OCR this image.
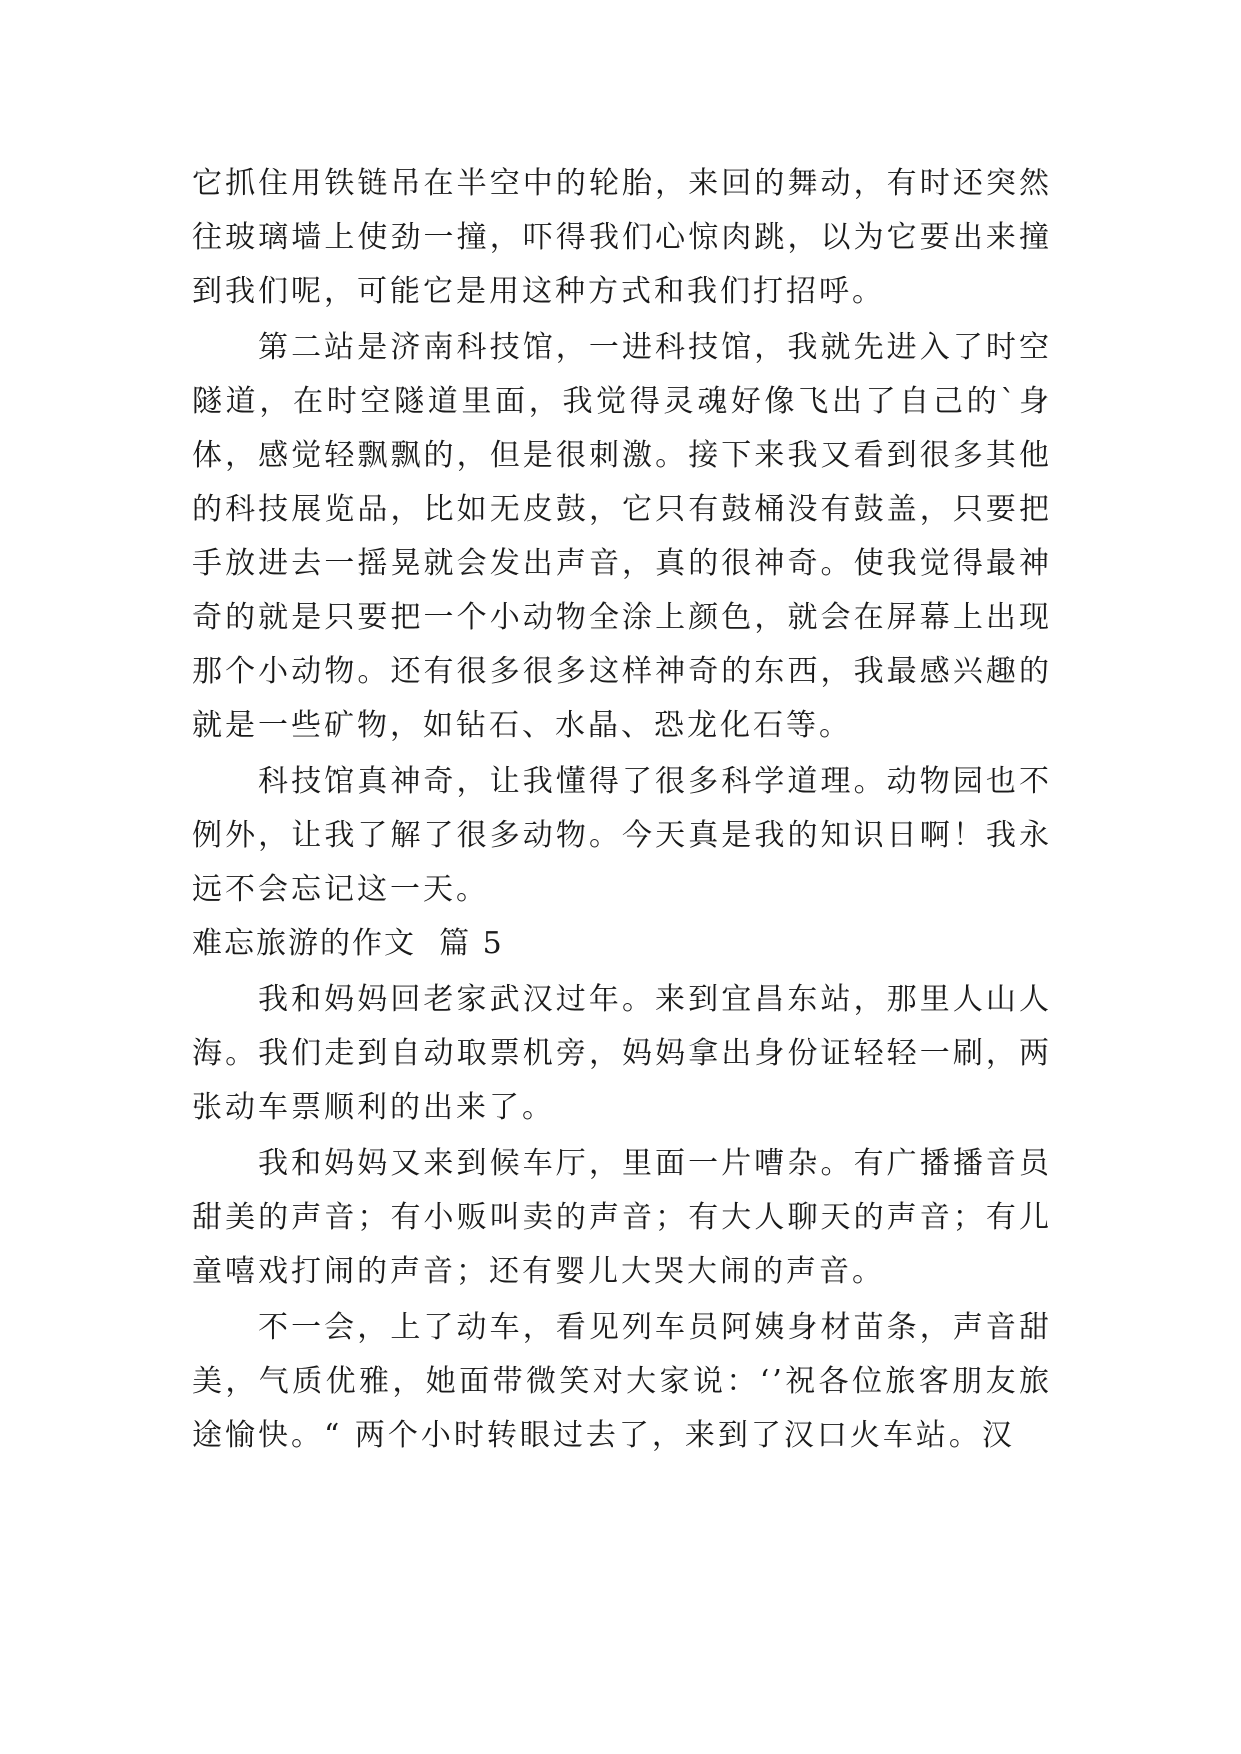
它抓住用铁链吊在半空中的轮胎，来回的舞动，有时还突然往玻璃墙上使劲一撞，吓得我们心惊肉跳，以为它要出来撞到我们呢，可能它是用这种方式和我们打招呼。

第二站是济南科技馆，一进科技馆，我就先进入了时空隧道，在时空隧道里面，我觉得灵魂好像飞出了自己的`身体，感觉轻飘飘的，但是很刺激。接下来我又看到很多其他的科技展览品，比如无皮鼓，它只有鼓桶没有鼓盖，只要把手放进去一摇晃就会发出声音，真的很神奇。使我觉得最神奇的就是只要把一个小动物全涂上颜色，就会在屏幕上出现那个小动物。还有很多很多这样神奇的东西，我最感兴趣的就是一些矿物，如钻石、水晶、恐龙化石等。

科技馆真神奇，让我懂得了很多科学道理。动物园也不例外，让我了解了很多动物。今天真是我的知识日啊！我永远不会忘记这一天。

难忘旅游的作文  篇 5

我和妈妈回老家武汉过年。来到宜昌东站，那里人山人海。我们走到自动取票机旁，妈妈拿出身份证轻轻一刷，两张动车票顺利的出来了。

我和妈妈又来到候车厅，里面一片嘈杂。有广播播音员甜美的声音；有小贩叫卖的声音；有大人聊天的声音；有儿童嘻戏打闹的声音；还有婴儿大哭大闹的声音。

不一会，上了动车，看见列车员阿姨身材苗条，声音甜美，气质优雅，她面带微笑对大家说：‘’祝各位旅客朋友旅途愉快。“ 两个小时转眼过去了，来到了汉口火车站。汉
